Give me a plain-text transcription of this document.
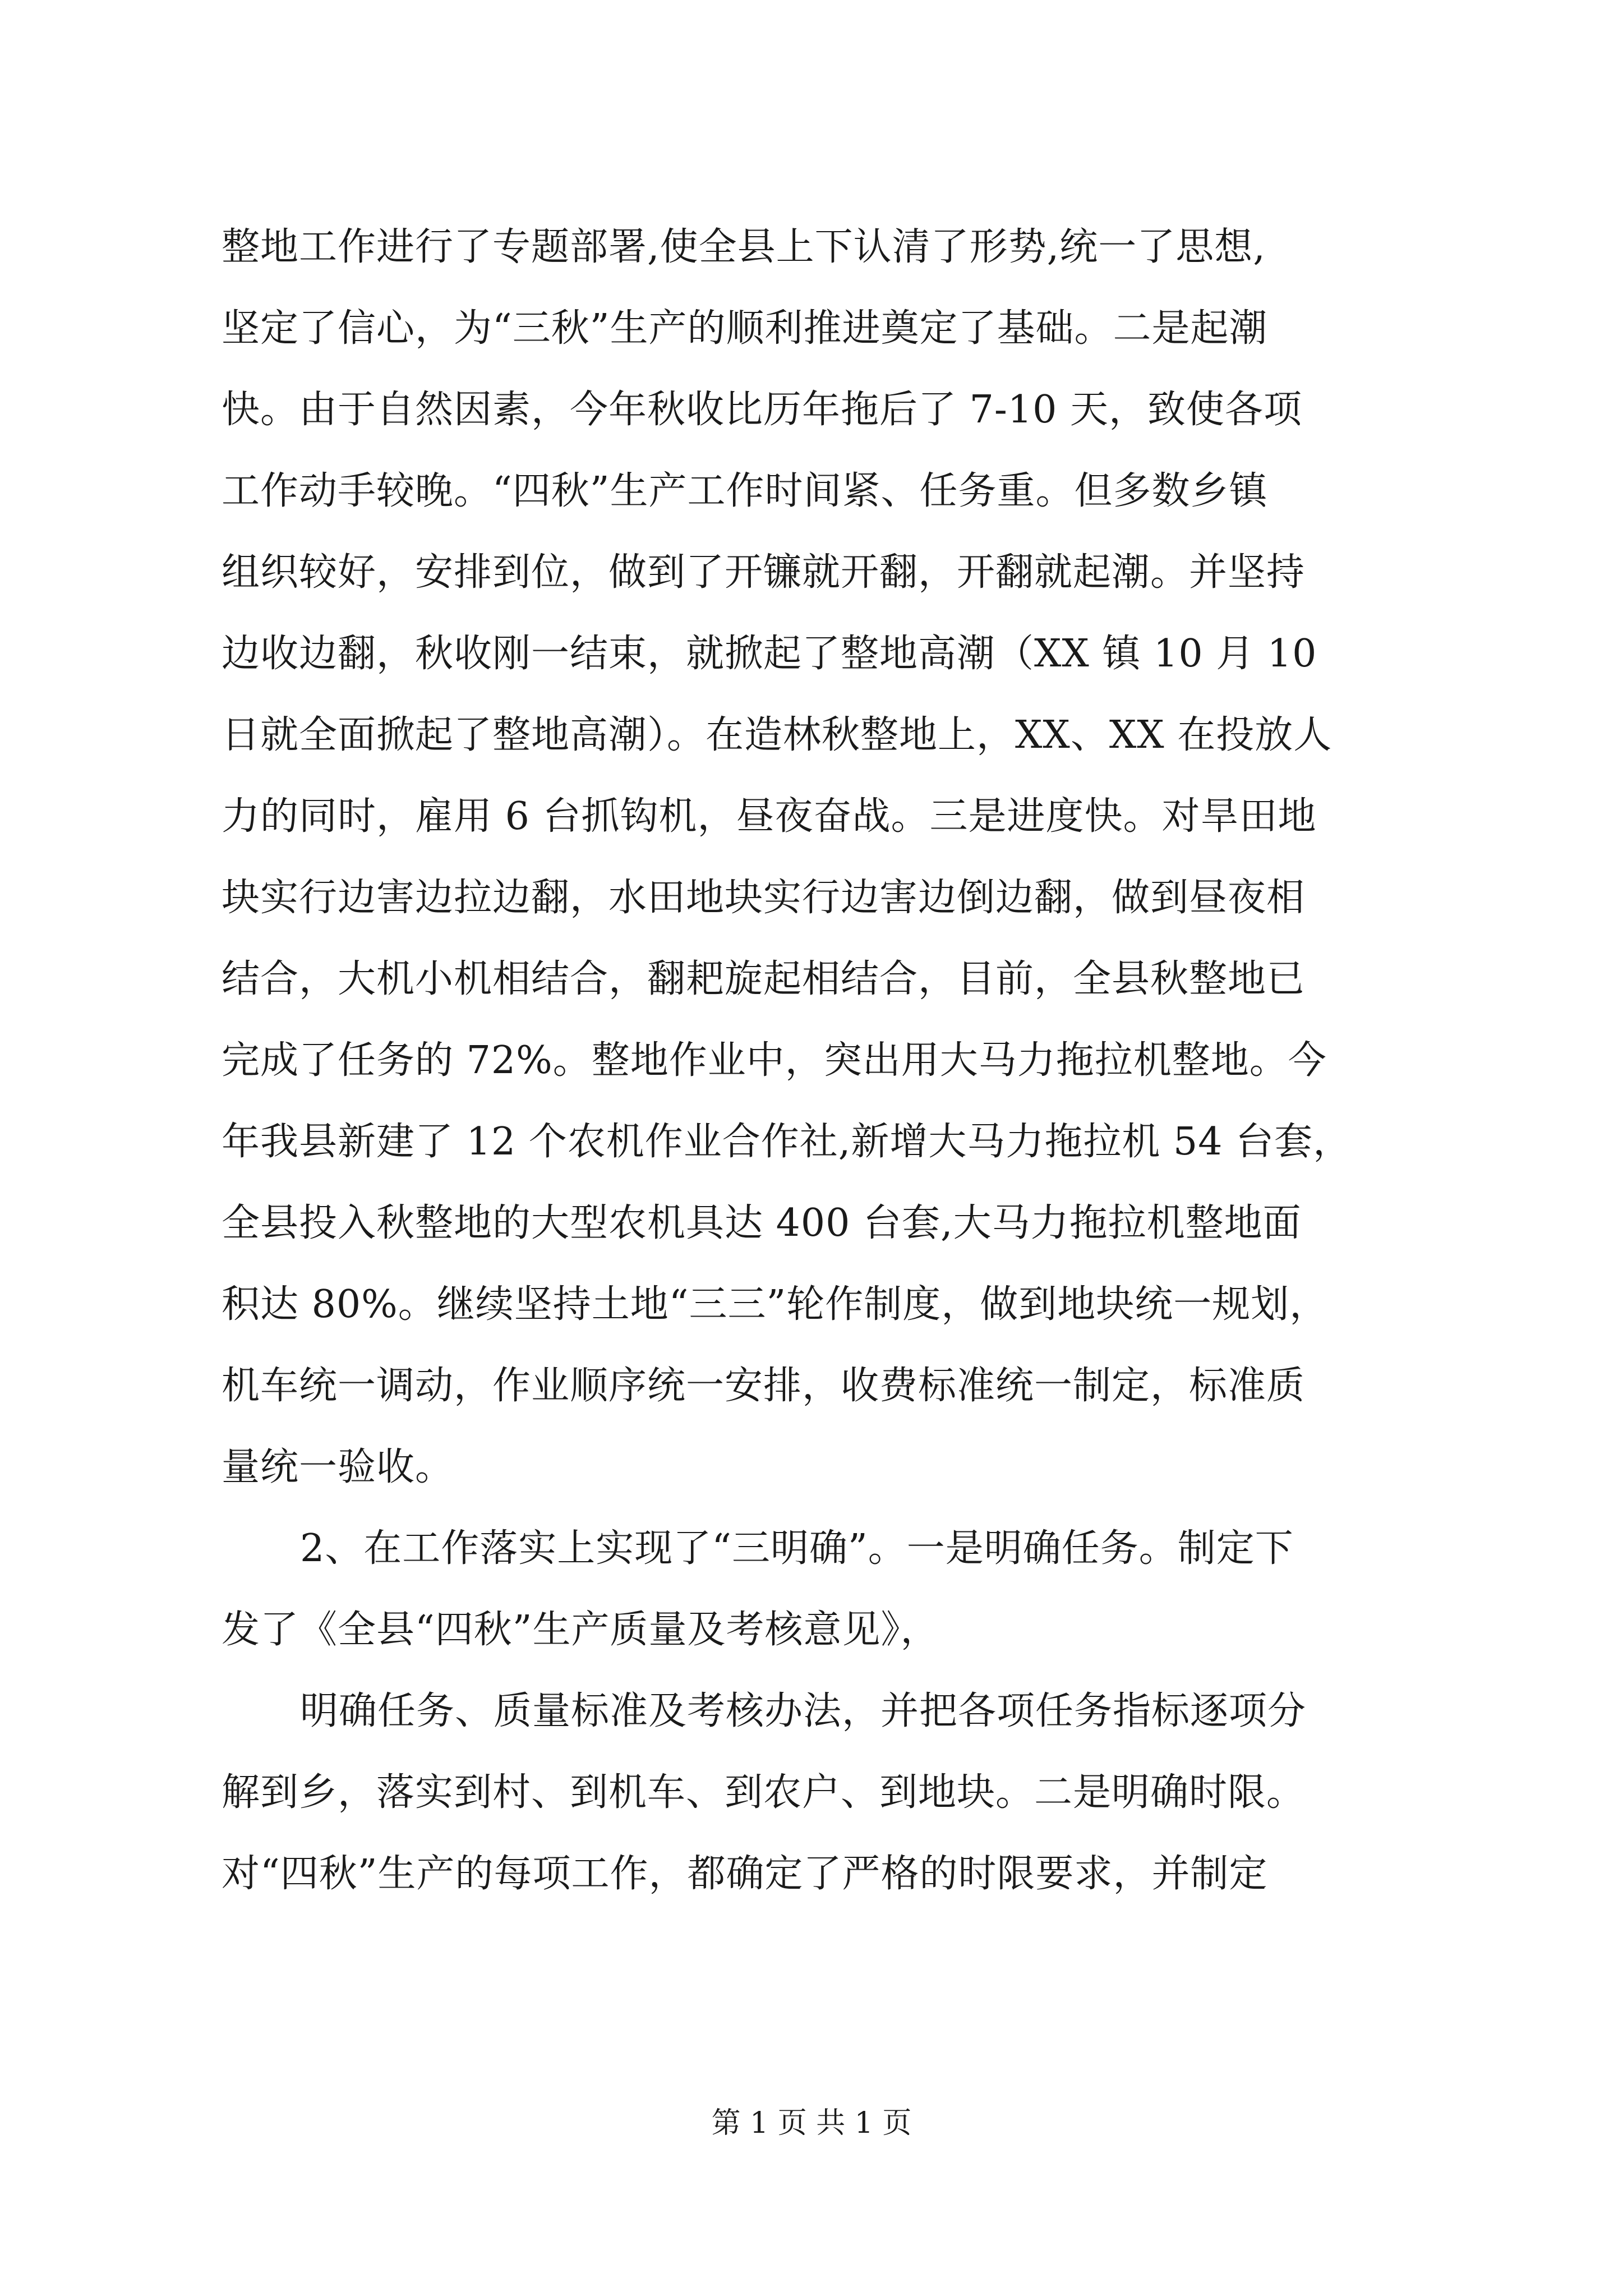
整地工作进行了专题部署,使全县上下认清了形势,统一了思想,
坚定了信心，为“三秋”生产的顺利推进奠定了基础。二是起潮
快。由于自然因素，今年秋收比历年拖后了 7-10 天，致使各项
工作动手较晚。“四秋”生产工作时间紧、任务重。但多数乡镇
组织较好，安排到位，做到了开镰就开翻，开翻就起潮。并坚持
边收边翻，秋收刚一结束，就掀起了整地高潮（XX 镇 10 月 10
日就全面掀起了整地高潮）。在造林秋整地上，XX、XX 在投放人
力的同时，雇用 6 台抓钩机，昼夜奋战。三是进度快。对旱田地
块实行边害边拉边翻，水田地块实行边害边倒边翻，做到昼夜相
结合，大机小机相结合，翻耙旋起相结合，目前，全县秋整地已
完成了任务的 72%。整地作业中，突出用大马力拖拉机整地。今
年我县新建了 12 个农机作业合作社,新增大马力拖拉机 54 台套，
全县投入秋整地的大型农机具达 400 台套,大马力拖拉机整地面
积达 80%。继续坚持土地“三三”轮作制度，做到地块统一规划，
机车统一调动，作业顺序统一安排，收费标准统一制定，标准质
量统一验收。
2、在工作落实上实现了“三明确”。一是明确任务。制定下
发了《全县“四秋”生产质量及考核意见》，
明确任务、质量标准及考核办法，并把各项任务指标逐项分
解到乡，落实到村、到机车、到农户、到地块。二是明确时限。
对“四秋”生产的每项工作，都确定了严格的时限要求，并制定
第 1 页 共 1 页
